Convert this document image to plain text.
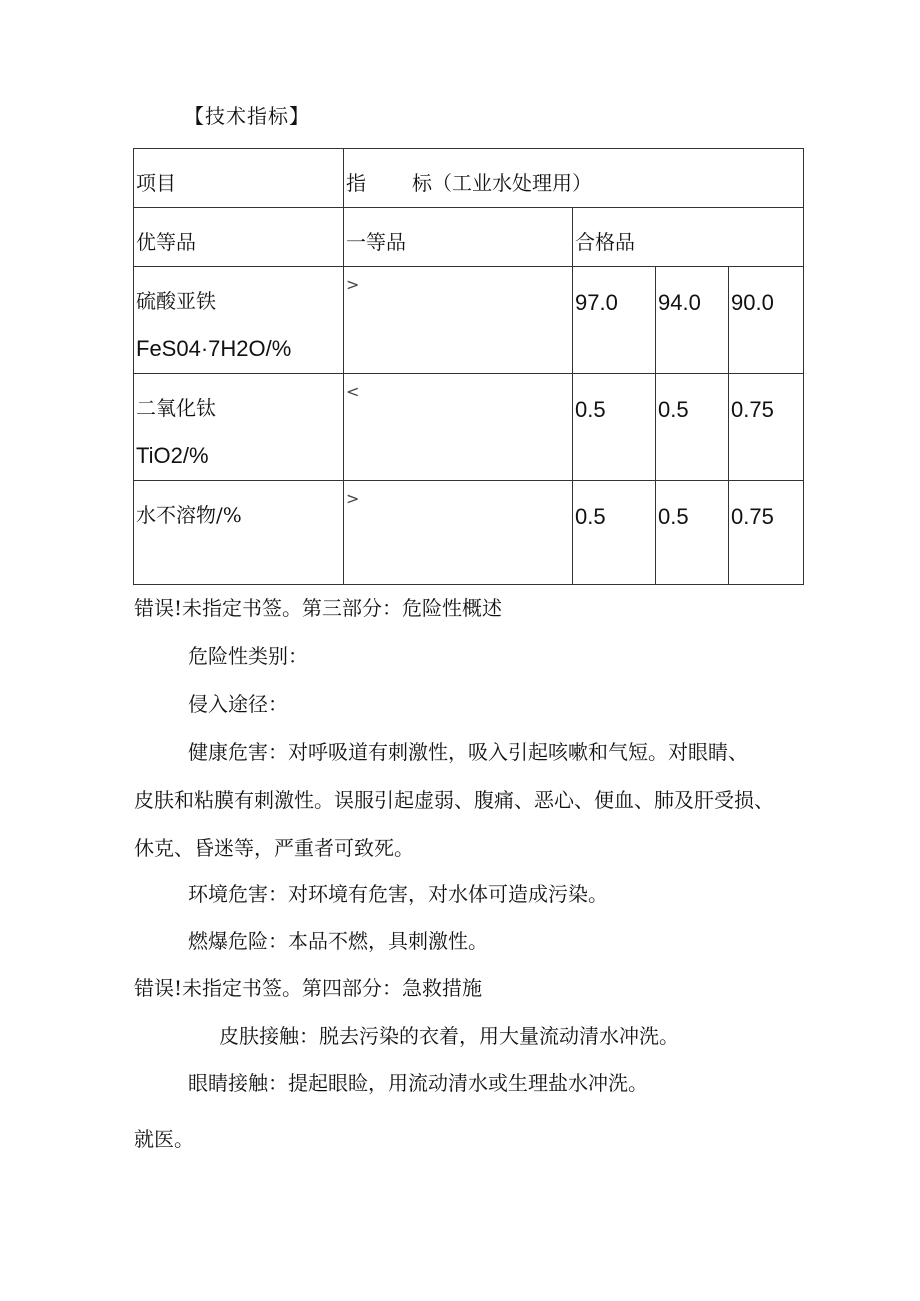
【技术指标】
项目	指 标（工业水处理用）			

优等品	一等品	合格品		

硫酸亚铁
FeS04·7H2O/%	>	97.0	94.0	90.0

二氧化钛
TiO2/%	<	0.5	0.5	0.75

水不溶物/%	>	0.5	0.5	0.75
错误!未指定书签。第三部分：危险性概述
危险性类别：
侵入途径：
健康危害：对呼吸道有刺激性，吸入引起咳嗽和气短。对眼睛、
皮肤和粘膜有刺激性。误服引起虚弱、腹痛、恶心、便血、肺及肝受损、
休克、昏迷等，严重者可致死。
环境危害：对环境有危害，对水体可造成污染。
燃爆危险：本品不燃，具刺激性。
错误!未指定书签。第四部分：急救措施
皮肤接触：脱去污染的衣着，用大量流动清水冲洗。
眼睛接触：提起眼睑，用流动清水或生理盐水冲洗。
就医。
